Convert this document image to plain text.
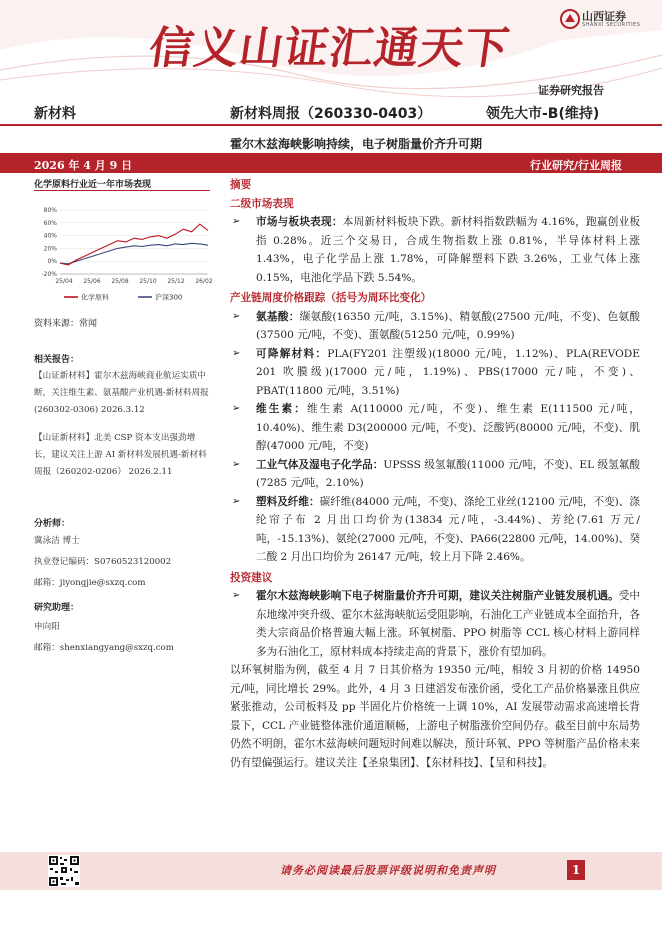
信义山证汇通天下
山西证券
SHANXI SECURITIES
证券研究报告
新材料	新材料周报（260330-0403）	领先大市-B(维持)
霍尔木兹海峡影响持续，电子树脂量价齐升可期
2026 年 4 月 9 日	行业研究/行业周报
化学原料行业近一年市场表现
80%
60%
40%
20%
0%
-20%
25/04 25/06 25/08 25/10 25/12 26/02
化学原料	沪深300
资料来源：常闻
相关报告：
【山证新材料】霍尔木兹海峡商业航运实质中断，关注维生素、氨基酸产业机遇-新材料周报(260302-0306) 2026.3.12
【山证新材料】北美 CSP 资本支出强劲增长，建议关注上游 AI 新材料发展机遇-新材料周报（260202-0206） 2026.2.11
分析师：
冀泳洁 博士
执业登记编码：S0760523120002
邮箱：jiyongjie@sxzq.com
研究助理：
申向阳
邮箱：shenxiangyang@sxzq.com
摘要
二级市场表现
➢ 市场与板块表现：本周新材料板块下跌。新材料指数跌幅为 4.16%，跑赢创业板指 0.28%。近三个交易日，合成生物指数上涨 0.81%，半导体材料上涨 1.43%，电子化学品上涨 1.78%，可降解塑料下跌 3.26%，工业气体上涨 0.15%，电池化学品下跌 5.54%。
产业链周度价格跟踪（括号为周环比变化）
➢ 氨基酸：缬氨酸(16350 元/吨，3.15%)、精氨酸(27500 元/吨，不变)、色氨酸(37500 元/吨，不变)、蛋氨酸(51250 元/吨，0.99%)
➢ 可降解材料：PLA(FY201 注塑级)(18000 元/吨，1.12%)、PLA(REVODE 201 吹膜级)(17000 元/吨，1.19%)、PBS(17000 元/吨，不变)、PBAT(11800 元/吨，3.51%)
➢ 维生素：维生素 A(110000 元/吨，不变)、维生素 E(111500 元/吨，10.40%)、维生素 D3(200000 元/吨，不变)、泛酸钙(80000 元/吨，不变)、肌醇(47000 元/吨，不变)
➢ 工业气体及湿电子化学品：UPSSS 级氢氟酸(11000 元/吨，不变)、EL 级氢氟酸(7285 元/吨，2.10%)
➢ 塑料及纤维：碳纤维(84000 元/吨，不变)、涤纶工业丝(12100 元/吨，不变)、涤纶帘子布 2 月出口均价为(13834 元/吨，-3.44%)、芳纶(7.61 万元/吨，-15.13%)、氨纶(27000 元/吨，不变)、PA66(22800 元/吨，14.00%)、癸二酸 2 月出口均价为 26147 元/吨，较上月下降 2.46%。
投资建议
➢ 霍尔木兹海峡影响下电子树脂量价齐升可期，建议关注树脂产业链发展机遇。受中东地缘冲突升级、霍尔木兹海峡航运受阻影响，石油化工产业链成本全面抬升，各类大宗商品价格普遍大幅上涨。环氧树脂、PPO 树脂等 CCL 核心材料上游同样多为石油化工，原材料成本持续走高的背景下，涨价有望加码。
以环氧树脂为例，截至 4 月 7 日其价格为 19350 元/吨，相较 3 月初的价格 14950 元/吨，同比增长 29%。此外，4 月 3 日建滔发布涨价函，受化工产品价格暴涨且供应紧张推动，公司板料及 pp 半固化片价格统一上调 10%，AI 发展带动需求高速增长背景下，CCL 产业链整体涨价通道顺畅，上游电子树脂涨价空间仍存。截至目前中东局势仍然不明朗，霍尔木兹海峡问题短时间难以解决，预计环氧、PPO 等树脂产品价格未来仍有望偏强运行。建议关注【圣泉集团】、【东材科技】、【呈和科技】。
请务必阅读最后股票评级说明和免责声明	1
